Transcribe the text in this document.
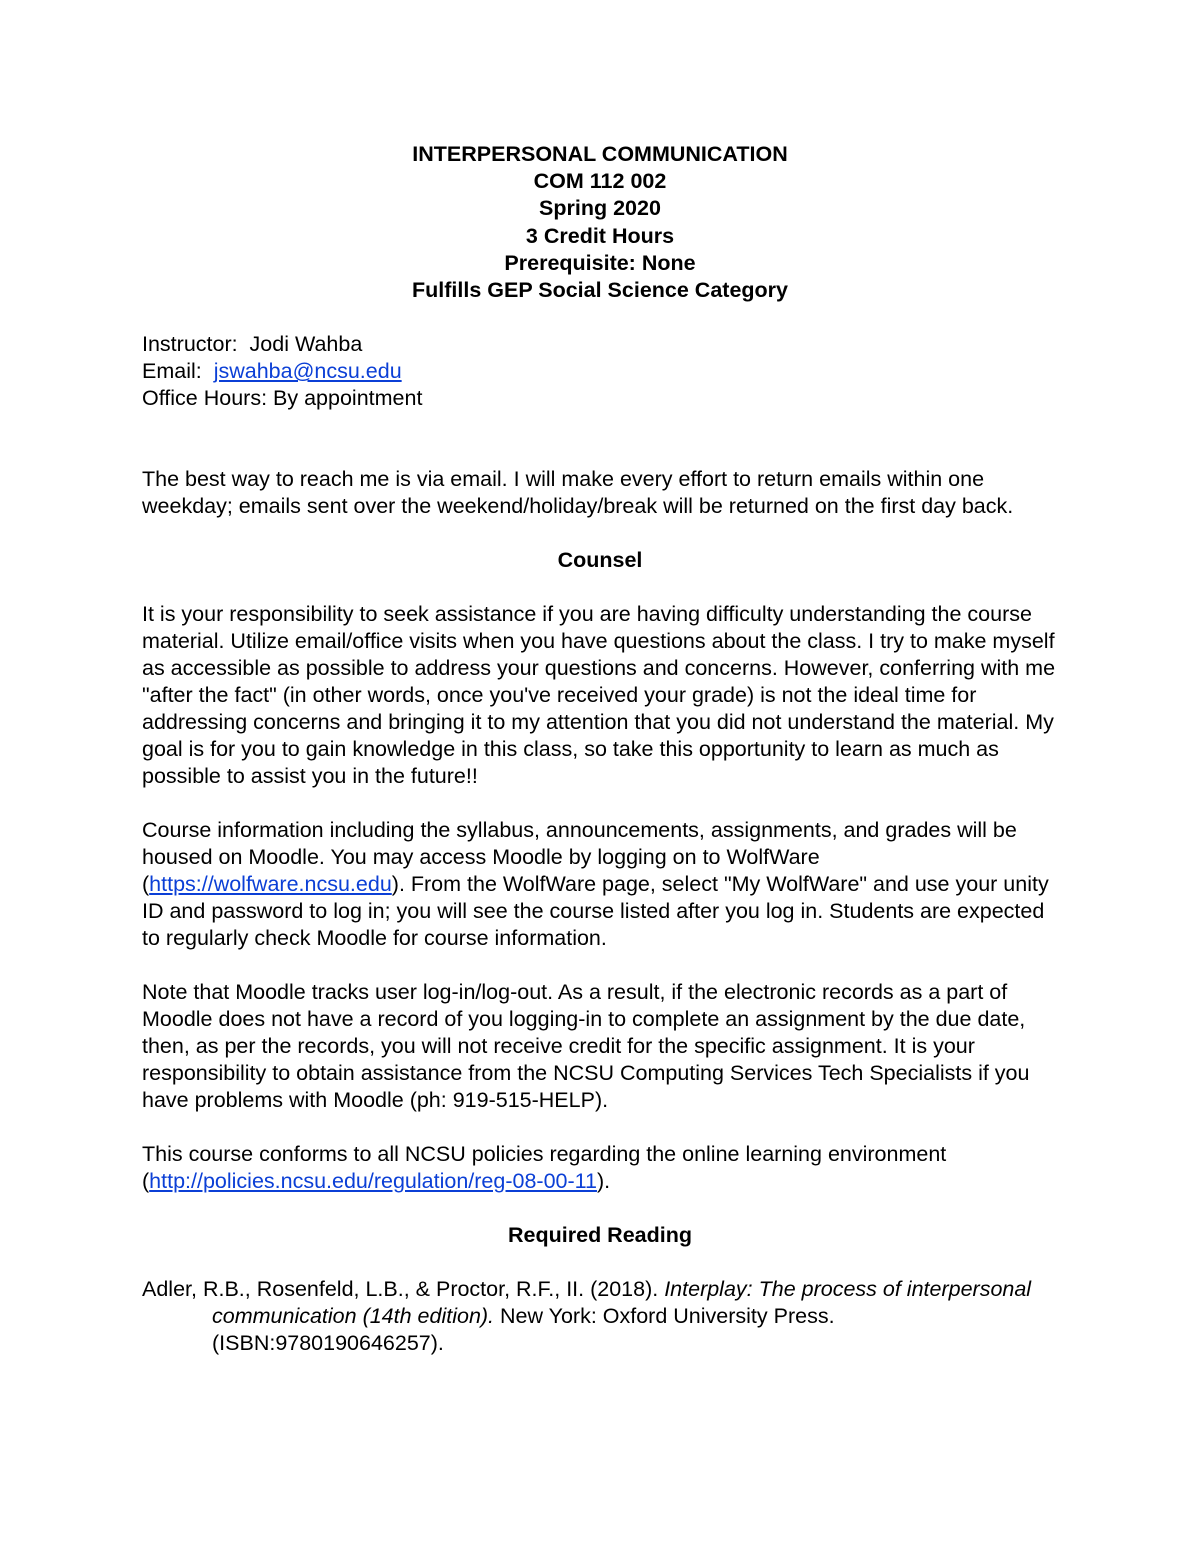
INTERPERSONAL COMMUNICATION
COM 112 002
Spring 2020
3 Credit Hours
Prerequisite: None
Fulfills GEP Social Science Category
Instructor:  Jodi Wahba
Email:  jswahba@ncsu.edu
Office Hours: By appointment

The best way to reach me is via email. I will make every effort to return emails within one weekday; emails sent over the weekend/holiday/break will be returned on the first day back.

Counsel

It is your responsibility to seek assistance if you are having difficulty understanding the course material. Utilize email/office visits when you have questions about the class. I try to make myself as accessible as possible to address your questions and concerns. However, conferring with me "after the fact" (in other words, once you've received your grade) is not the ideal time for addressing concerns and bringing it to my attention that you did not understand the material. My goal is for you to gain knowledge in this class, so take this opportunity to learn as much as possible to assist you in the future!!

Course information including the syllabus, announcements, assignments, and grades will be housed on Moodle. You may access Moodle by logging on to WolfWare (https://wolfware.ncsu.edu). From the WolfWare page, select "My WolfWare" and use your unity ID and password to log in; you will see the course listed after you log in. Students are expected to regularly check Moodle for course information.

Note that Moodle tracks user log-in/log-out. As a result, if the electronic records as a part of Moodle does not have a record of you logging-in to complete an assignment by the due date, then, as per the records, you will not receive credit for the specific assignment. It is your responsibility to obtain assistance from the NCSU Computing Services Tech Specialists if you have problems with Moodle (ph: 919-515-HELP).

This course conforms to all NCSU policies regarding the online learning environment (http://policies.ncsu.edu/regulation/reg-08-00-11).

Required Reading

Adler, R.B., Rosenfeld, L.B., & Proctor, R.F., II. (2018). Interplay: The process of interpersonal communication (14th edition). New York: Oxford University Press. (ISBN:9780190646257).
